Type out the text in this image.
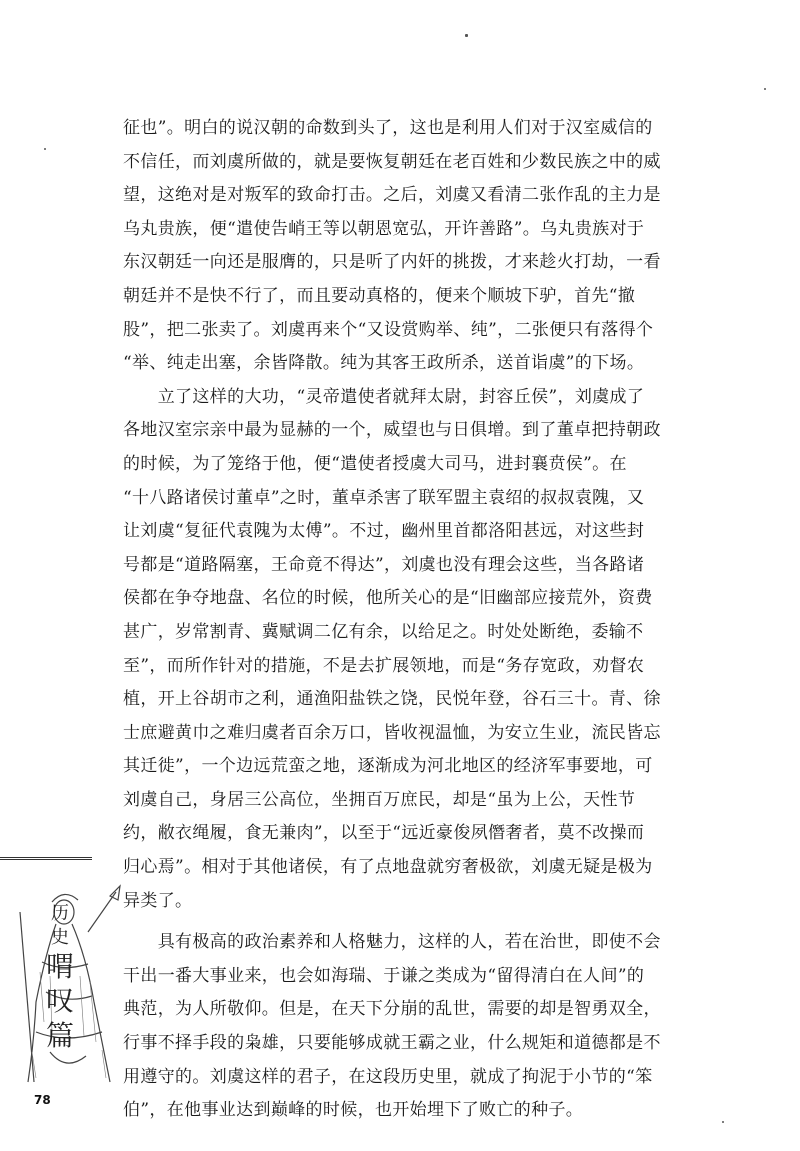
征也”。明白的说汉朝的命数到头了，这也是利用人们对于汉室威信的
不信任，而刘虞所做的，就是要恢复朝廷在老百姓和少数民族之中的威
望，这绝对是对叛军的致命打击。之后，刘虞又看清二张作乱的主力是
乌丸贵族，便“遣使告峭王等以朝恩宽弘，开许善路”。乌丸贵族对于
东汉朝廷一向还是服膺的，只是听了内奸的挑拨，才来趁火打劫，一看
朝廷并不是快不行了，而且要动真格的，便来个顺坡下驴，首先“撤
股”，把二张卖了。刘虞再来个“又设赏购举、纯”，二张便只有落得个
“举、纯走出塞，余皆降散。纯为其客王政所杀，送首诣虞”的下场。
　　立了这样的大功，“灵帝遣使者就拜太尉，封容丘侯”，刘虞成了
各地汉室宗亲中最为显赫的一个，威望也与日俱增。到了董卓把持朝政
的时候，为了笼络于他，便“遣使者授虞大司马，进封襄贲侯”。在
“十八路诸侯讨董卓”之时，董卓杀害了联军盟主袁绍的叔叔袁隗，又
让刘虞“复征代袁隗为太傅”。不过，幽州里首都洛阳甚远，对这些封
号都是“道路隔塞，王命竟不得达”，刘虞也没有理会这些，当各路诸
侯都在争夺地盘、名位的时候，他所关心的是“旧幽部应接荒外，资费
甚广，岁常割青、冀赋调二亿有余，以给足之。时处处断绝，委输不
至”，而所作针对的措施，不是去扩展领地，而是“务存宽政，劝督农
植，开上谷胡市之利，通渔阳盐铁之饶，民悦年登，谷石三十。青、徐
士庶避黄巾之难归虞者百余万口，皆收视温恤，为安立生业，流民皆忘
其迁徙”，一个边远荒蛮之地，逐渐成为河北地区的经济军事要地，可
刘虞自己，身居三公高位，坐拥百万庶民，却是“虽为上公，天性节
约，敝衣绳履，食无兼肉”，以至于“远近豪俊夙僭奢者，莫不改操而
归心焉”。相对于其他诸侯，有了点地盘就穷奢极欲，刘虞无疑是极为
异类了。
　　具有极高的政治素养和人格魅力，这样的人，若在治世，即使不会
干出一番大事业来，也会如海瑞、于谦之类成为“留得清白在人间”的
典范，为人所敬仰。但是，在天下分崩的乱世，需要的却是智勇双全，
行事不择手段的枭雄，只要能够成就王霸之业，什么规矩和道德都是不
用遵守的。刘虞这样的君子，在这段历史里，就成了拘泥于小节的“笨
伯”，在他事业达到巅峰的时候，也开始埋下了败亡的种子。
历
史
喟
叹
篇
78
